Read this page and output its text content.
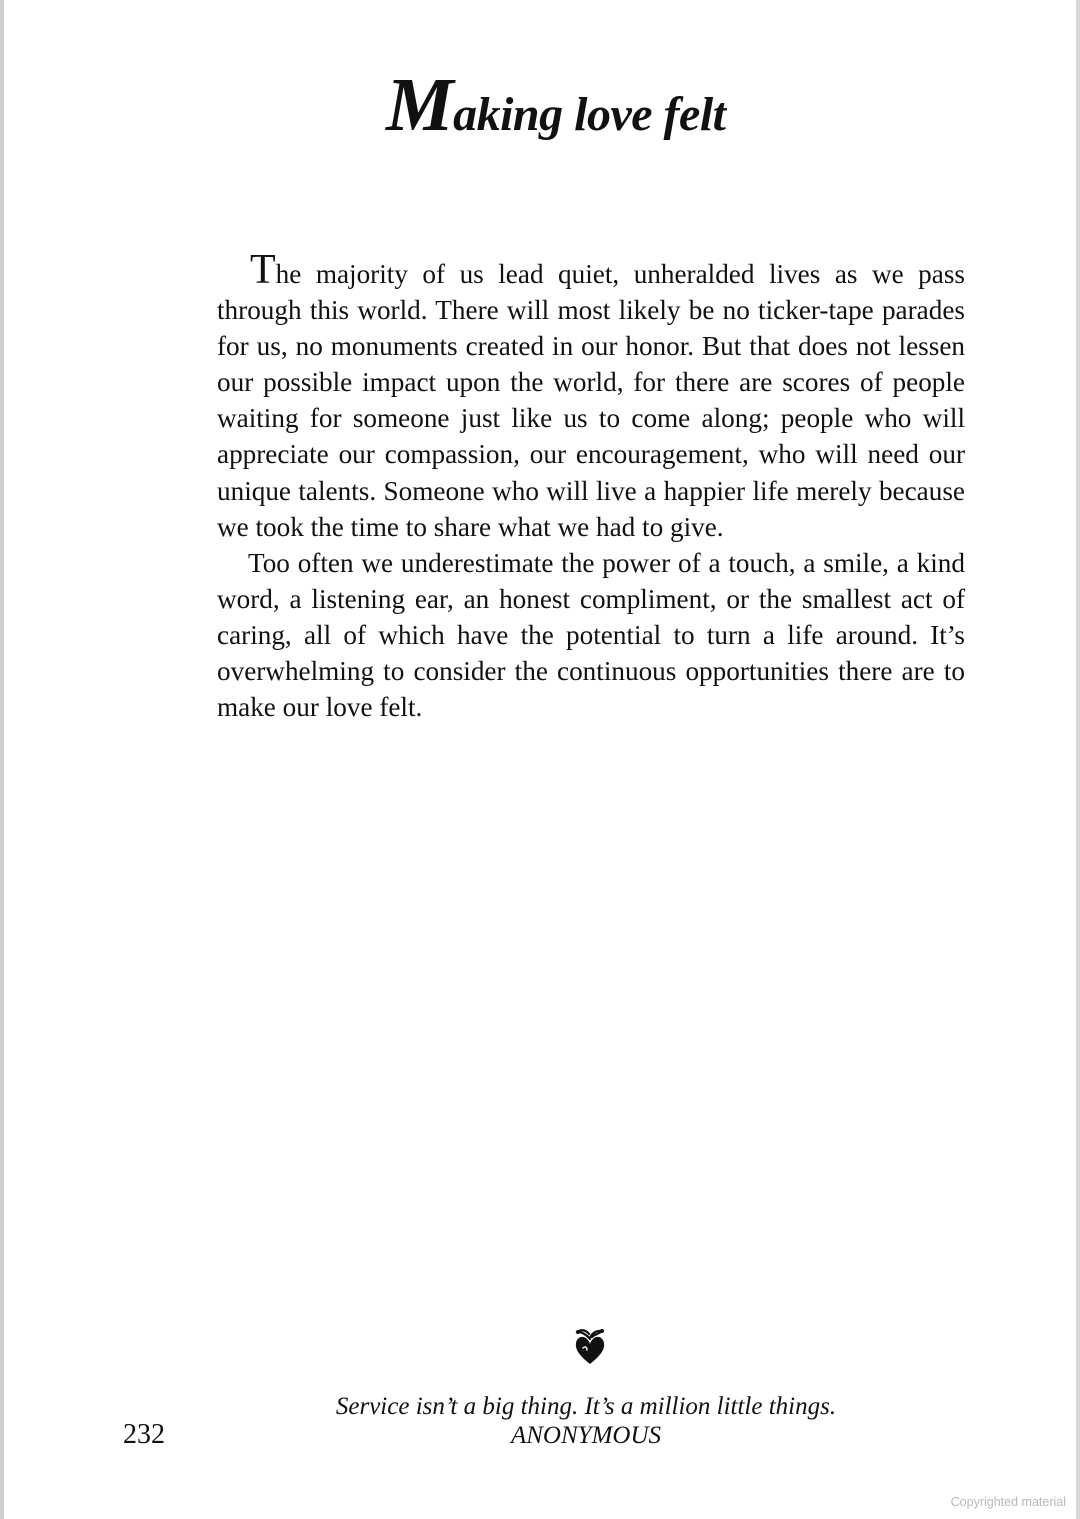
Making love felt

The majority of us lead quiet, unheralded lives as we pass through this world. There will most likely be no ticker-tape parades for us, no monuments created in our honor. But that does not lessen our possible impact upon the world, for there are scores of people waiting for someone just like us to come along; people who will appreciate our compassion, our encouragement, who will need our unique talents. Someone who will live a happier life merely because we took the time to share what we had to give.

Too often we underestimate the power of a touch, a smile, a kind word, a listening ear, an honest compliment, or the smallest act of caring, all of which have the potential to turn a life around. It’s overwhelming to consider the continuous opportunities there are to make our love felt.

Service isn’t a big thing. It’s a million little things.
ANONYMOUS
232
Copyrighted material
